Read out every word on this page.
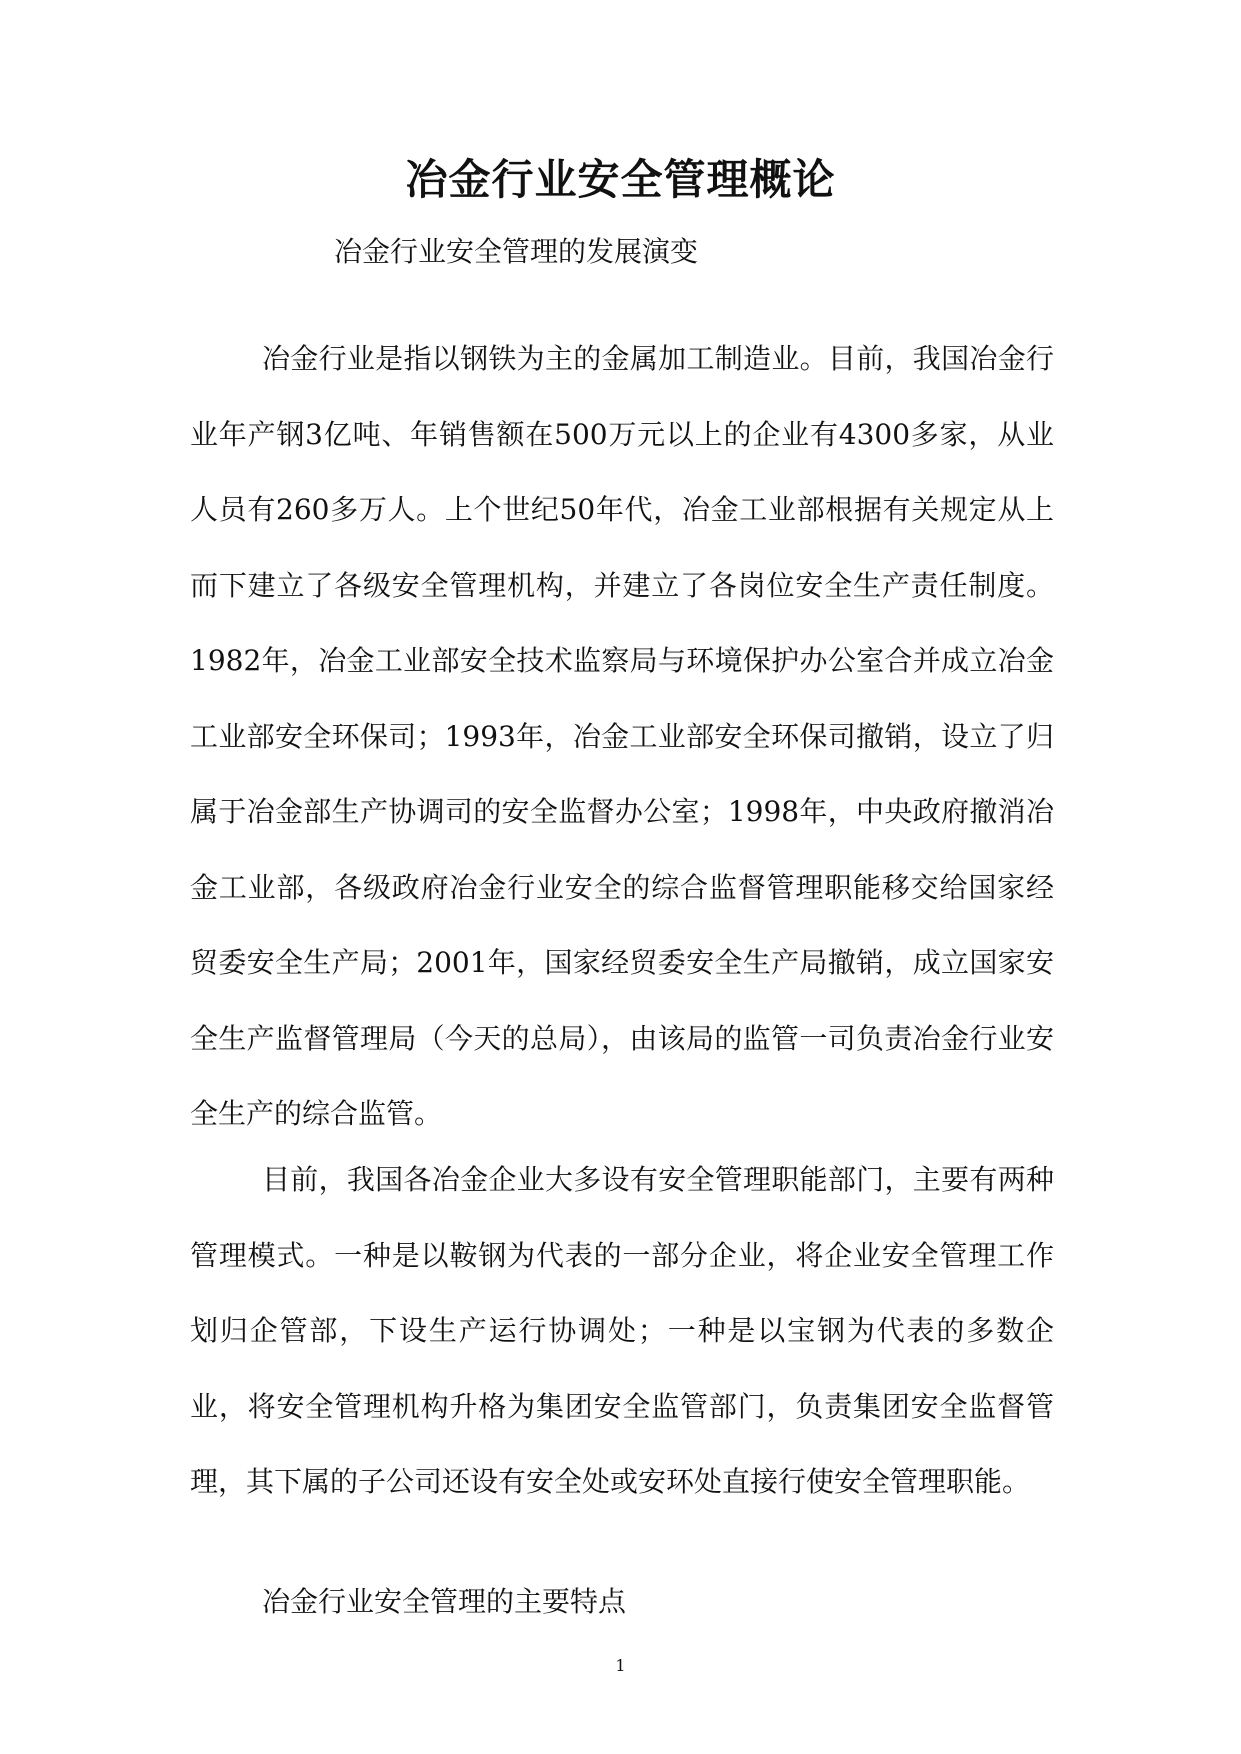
冶金行业安全管理概论
冶金行业安全管理的发展演变
冶金行业是指以钢铁为主的金属加工制造业。目前，我国冶金行业年产钢3亿吨、年销售额在500万元以上的企业有4300多家，从业人员有260多万人。上个世纪50年代，冶金工业部根据有关规定从上而下建立了各级安全管理机构，并建立了各岗位安全生产责任制度。1982年，冶金工业部安全技术监察局与环境保护办公室合并成立冶金工业部安全环保司；1993年，冶金工业部安全环保司撤销，设立了归属于冶金部生产协调司的安全监督办公室；1998年，中央政府撤消冶金工业部，各级政府冶金行业安全的综合监督管理职能移交给国家经贸委安全生产局；2001年，国家经贸委安全生产局撤销，成立国家安全生产监督管理局（今天的总局），由该局的监管一司负责冶金行业安全生产的综合监管。
目前，我国各冶金企业大多设有安全管理职能部门，主要有两种管理模式。一种是以鞍钢为代表的一部分企业，将企业安全管理工作划归企管部，下设生产运行协调处；一种是以宝钢为代表的多数企业，将安全管理机构升格为集团安全监管部门，负责集团安全监督管理，其下属的子公司还设有安全处或安环处直接行使安全管理职能。
冶金行业安全管理的主要特点
1
